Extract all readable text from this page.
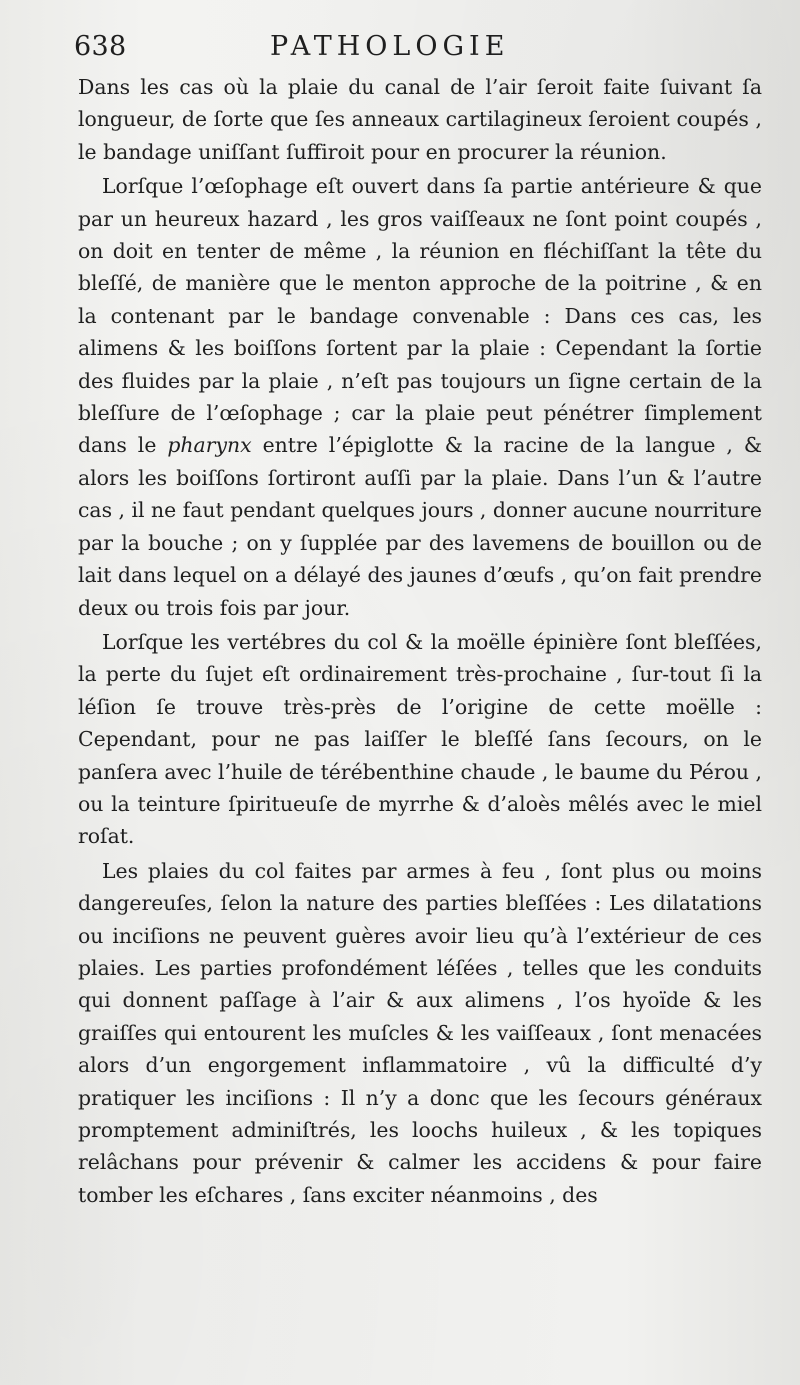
638	PATHOLOGIE

Dans les cas où la plaie du canal de l’air ſeroit faite ſuivant ſa longueur, de ſorte que ſes anneaux cartilagineux ſeroient coupés , le bandage uniſſant ſuffiroit pour en procurer la réunion.

Lorſque l’œſophage eſt ouvert dans ſa partie antérieure & que par un heureux hazard , les gros vaiſſeaux ne ſont point coupés , on doit en tenter de même , la réunion en fléchiſſant la tête du bleſſé, de manière que le menton approche de la poitrine , & en la contenant par le bandage convenable : Dans ces cas, les alimens & les boiſſons ſortent par la plaie : Cependant la ſortie des fluides par la plaie , n’eſt pas toujours un ſigne certain de la bleſſure de l’œſophage ; car la plaie peut pénétrer ſimplement dans le pharynx entre l’épiglotte & la racine de la langue , & alors les boiſſons ſortiront auſſi par la plaie. Dans l’un & l’autre cas , il ne faut pendant quelques jours , donner aucune nourriture par la bouche ; on y ſupplée par des lavemens de bouillon ou de lait dans lequel on a délayé des jaunes d’œufs , qu’on fait prendre deux ou trois fois par jour.

Lorſque les vertébres du col & la moëlle épinière ſont bleſſées, la perte du ſujet eſt ordinairement très-prochaine , ſur-tout ſi la léſion ſe trouve très-près de l’origine de cette moëlle : Cependant, pour ne pas laiſſer le bleſſé ſans ſecours, on le panſera avec l’huile de térébenthine chaude , le baume du Pérou , ou la teinture ſpiritueuſe de myrrhe & d’aloès mêlés avec le miel roſat.

Les plaies du col faites par armes à feu , ſont plus ou moins dangereuſes, ſelon la nature des parties bleſſées : Les dilatations ou inciſions ne peuvent guères avoir lieu qu’à l’extérieur de ces plaies. Les parties profondément léſées , telles que les conduits qui donnent paſſage à l’air & aux alimens , l’os hyoïde & les graiſſes qui entourent les muſcles & les vaiſſeaux , ſont menacées alors d’un engorgement inflammatoire , vû la difficulté d’y pratiquer les inciſions : Il n’y a donc que les ſecours généraux promptement adminiſtrés, les loochs huileux , & les topiques relâchans pour prévenir & calmer les accidens & pour faire tomber les eſchares , ſans exciter néanmoins , des
